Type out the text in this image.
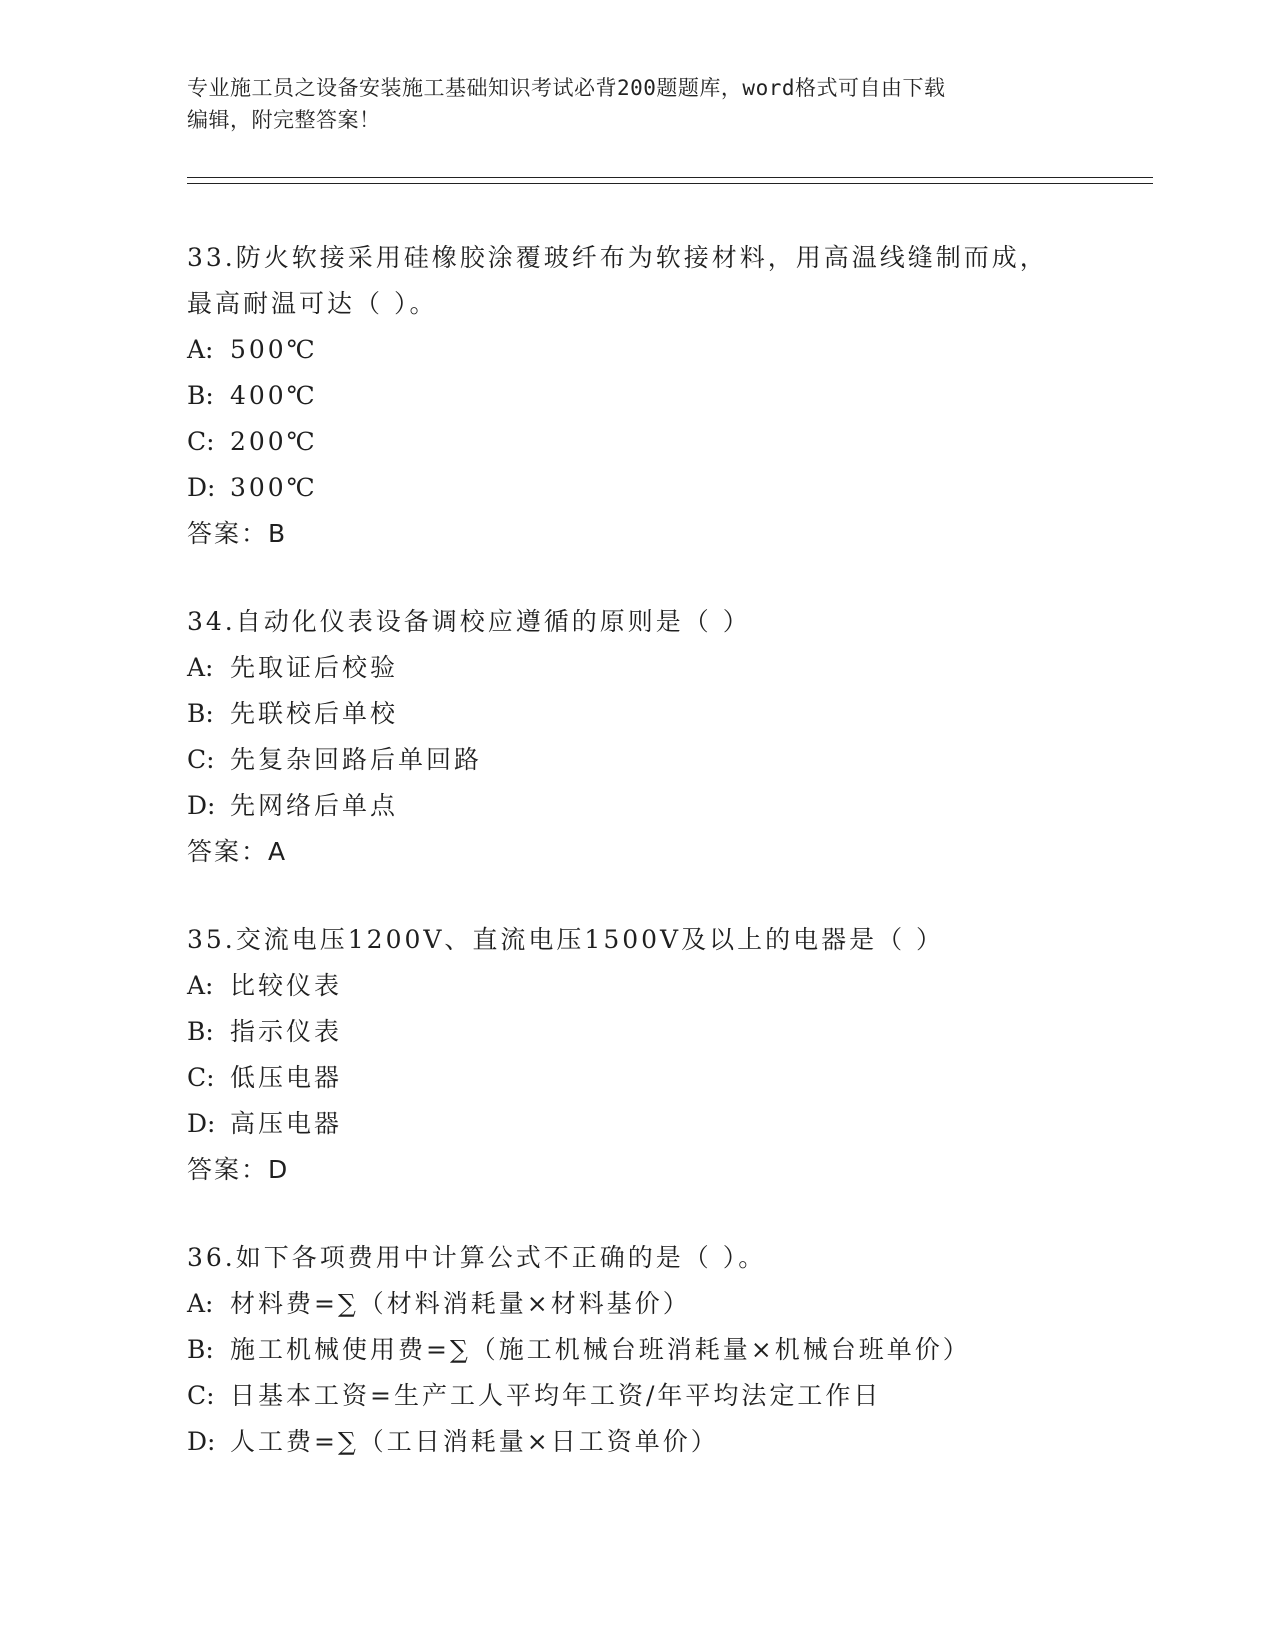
专业施工员之设备安装施工基础知识考试必背200题题库，word格式可自由下载
编辑，附完整答案！
33.防火软接采用硅橡胶涂覆玻纤布为软接材料，用高温线缝制而成，
最高耐温可达（ ）。
A: 500℃
B: 400℃
C: 200℃
D: 300℃
答案：B
34.自动化仪表设备调校应遵循的原则是（ ）
A: 先取证后校验
B: 先联校后单校
C: 先复杂回路后单回路
D: 先网络后单点
答案：A
35.交流电压1200V、直流电压1500V及以上的电器是（ ）
A: 比较仪表
B: 指示仪表
C: 低压电器
D: 高压电器
答案：D
36.如下各项费用中计算公式不正确的是（ ）。
A: 材料费=∑（材料消耗量×材料基价）
B: 施工机械使用费=∑（施工机械台班消耗量×机械台班单价）
C: 日基本工资=生产工人平均年工资/年平均法定工作日
D: 人工费=∑（工日消耗量×日工资单价）
